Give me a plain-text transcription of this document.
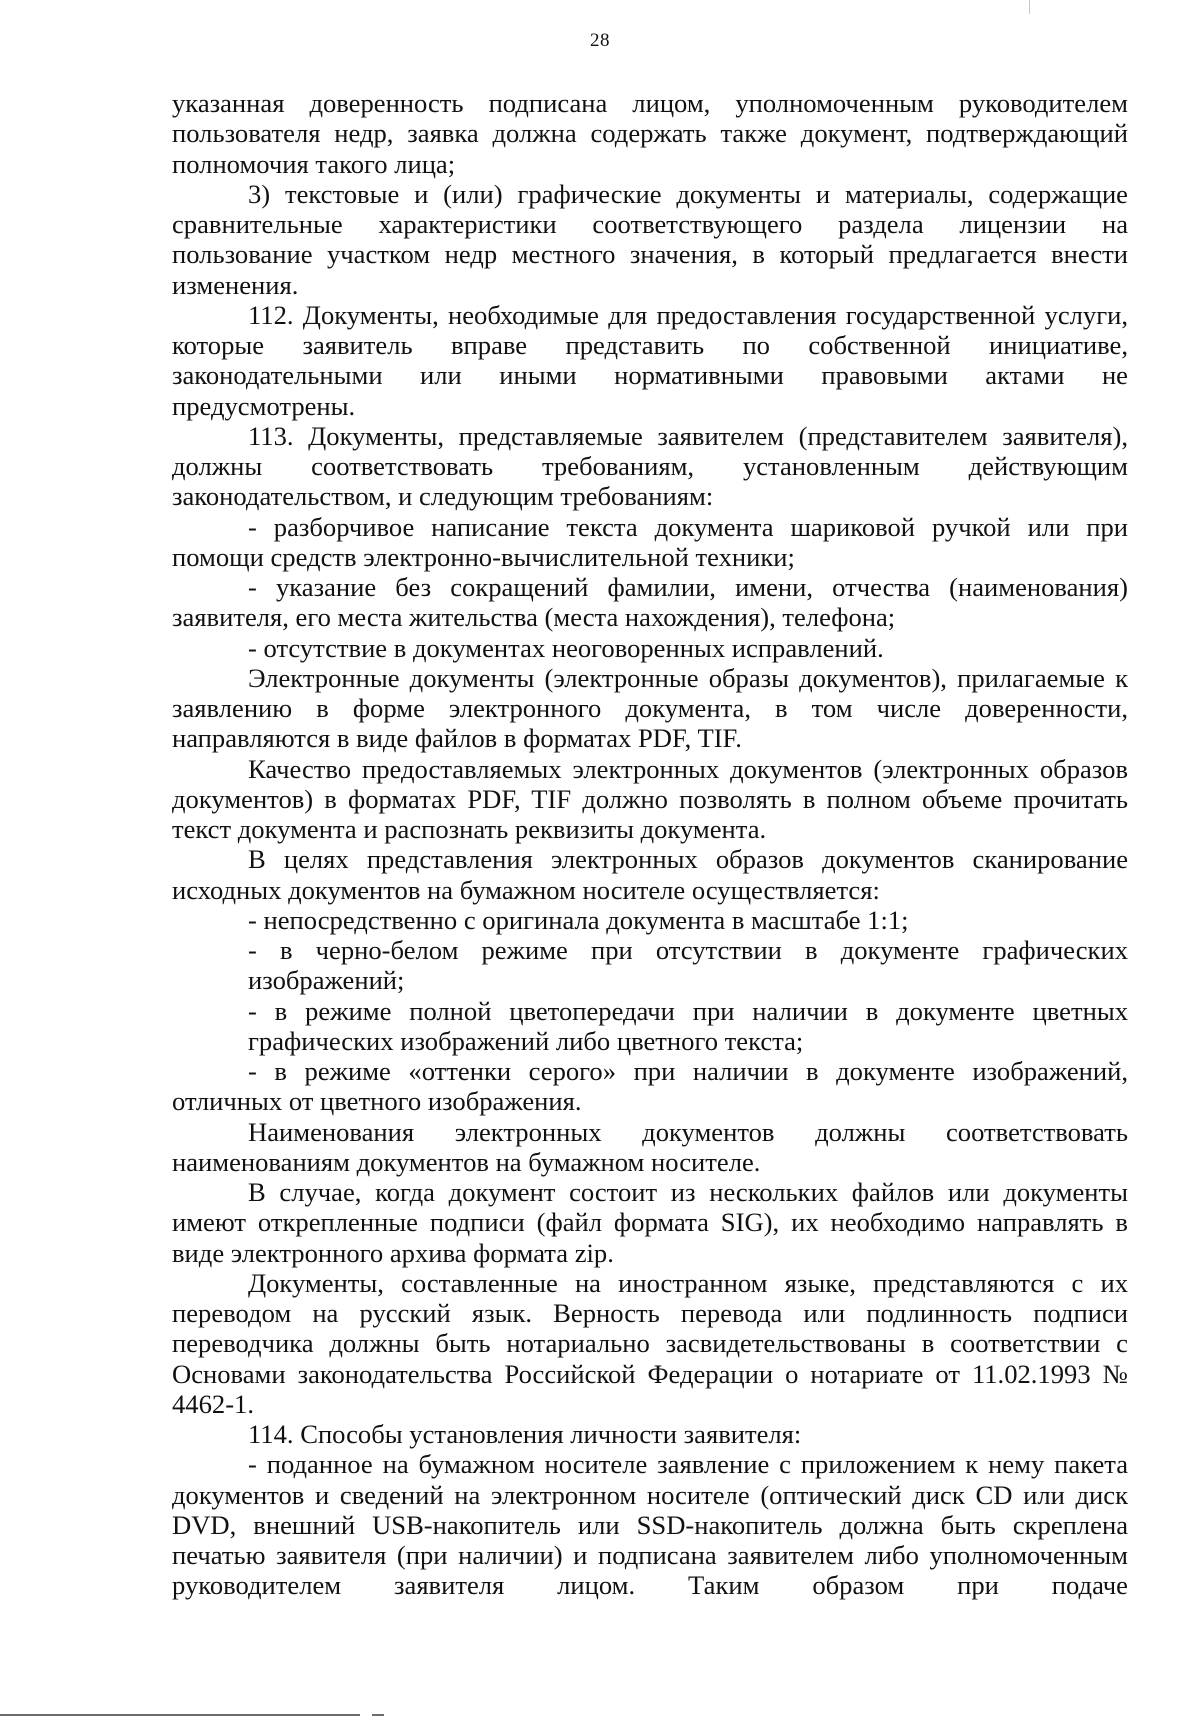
28

указанная доверенность подписана лицом, уполномоченным руководителем пользователя недр, заявка должна содержать также документ, подтверждающий полномочия такого лица;

3) текстовые и (или) графические документы и материалы, содержащие сравнительные характеристики соответствующего раздела лицензии на пользование участком недр местного значения, в который предлагается внести изменения.

112. Документы, необходимые для предоставления государственной услуги, которые заявитель вправе представить по собственной инициативе, законодательными или иными нормативными правовыми актами не предусмотрены.

113. Документы, представляемые заявителем (представителем заявителя), должны соответствовать требованиям, установленным действующим законодательством, и следующим требованиям:

- разборчивое написание текста документа шариковой ручкой или при помощи средств электронно-вычислительной техники;

- указание без сокращений фамилии, имени, отчества (наименования) заявителя, его места жительства (места нахождения), телефона;

- отсутствие в документах неоговоренных исправлений.

Электронные документы (электронные образы документов), прилагаемые к заявлению в форме электронного документа, в том числе доверенности, направляются в виде файлов в форматах PDF, TIF.

Качество предоставляемых электронных документов (электронных образов документов) в форматах PDF, TIF должно позволять в полном объеме прочитать текст документа и распознать реквизиты документа.

В целях представления электронных образов документов сканирование исходных документов на бумажном носителе осуществляется:

- непосредственно с оригинала документа в масштабе 1:1;

- в черно-белом режиме при отсутствии в документе графических изображений;

- в режиме полной цветопередачи при наличии в документе цветных графических изображений либо цветного текста;

- в режиме «оттенки серого» при наличии в документе изображений, отличных от цветного изображения.

Наименования электронных документов должны соответствовать наименованиям документов на бумажном носителе.

В случае, когда документ состоит из нескольких файлов или документы имеют открепленные подписи (файл формата SIG), их необходимо направлять в виде электронного архива формата zip.

Документы, составленные на иностранном языке, представляются с их переводом на русский язык. Верность перевода или подлинность подписи переводчика должны быть нотариально засвидетельствованы в соответствии с Основами законодательства Российской Федерации о нотариате от 11.02.1993 № 4462-1.

114. Способы установления личности заявителя:

- поданное на бумажном носителе заявление с приложением к нему пакета документов и сведений на электронном носителе (оптический диск CD или диск DVD, внешний USB-накопитель или SSD-накопитель должна быть скреплена печатью заявителя (при наличии) и подписана заявителем либо уполномоченным руководителем заявителя лицом. Таким образом при подаче
